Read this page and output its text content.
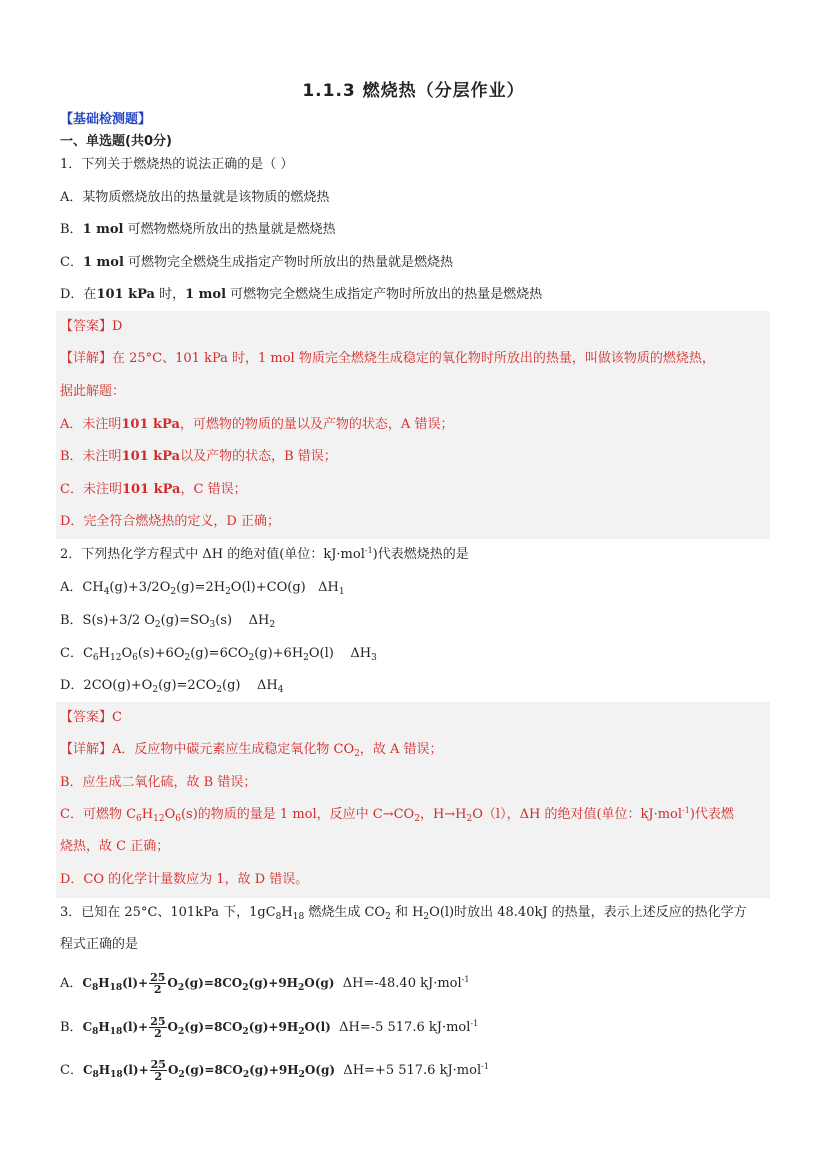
1.1.3 燃烧热（分层作业）
【基础检测题】
一、单选题(共0分)
1．下列关于燃烧热的说法正确的是（ ）
A．某物质燃烧放出的热量就是该物质的燃烧热
B．1 mol 可燃物燃烧所放出的热量就是燃烧热
C．1 mol 可燃物完全燃烧生成指定产物时所放出的热量就是燃烧热
D．在101 kPa 时，1 mol 可燃物完全燃烧生成指定产物时所放出的热量是燃烧热
【答案】D
【详解】在 25°C、101 kPa 时，1 mol 物质完全燃烧生成稳定的氧化物时所放出的热量，叫做该物质的燃烧热，
据此解题：
A．未注明101 kPa，可燃物的物质的量以及产物的状态，A 错误；
B．未注明101 kPa以及产物的状态，B 错误；
C．未注明101 kPa，C 错误；
D．完全符合燃烧热的定义，D 正确；
2．下列热化学方程式中 ΔH 的绝对值(单位：kJ·mol$^{-1}$)代表燃烧热的是
A．$CH_4(g)+3/2O_2(g)=2H_2O(l)+CO(g)$   $\Delta H_1$
B．S(s)+3/2 $O_2(g)=SO_3(s)$    $\Delta H_2$
C．$C_6H_{12}O_6(s)+6O_2(g)=6CO_2(g)+6H_2O(l)$    $\Delta H_3$
D．$2CO(g)+O_2(g)=2CO_2(g)$    $\Delta H_4$
【答案】C
【详解】A．反应物中碳元素应生成稳定氧化物 $CO_2$，故 A 错误；
B．应生成二氧化硫，故 B 错误；
C．可燃物 $C_6H_{12}O_6(s)$的物质的量是 1 mol，反应中 $C\to CO_2$，$H\to H_2O(l)$，ΔH 的绝对值(单位：kJ·mol$^{-1}$)代表燃
烧热，故 C 正确；
D．CO 的化学计量数应为 1，故 D 错误。
3．已知在 25°C、101kPa 下，$1gC_8H_{18}$ 燃烧生成 $CO_2$ 和 $H_2O(l)$时放出 48.40kJ 的热量，表示上述反应的热化学方
程式正确的是
A．$C_8H_{18}(l)+ \frac{25}{2} O_2(g)=8CO_2(g)+9H_2O(g)$ ΔH=-48.40 kJ·mol$^{-1}$
B．$C_8H_{18}(l)+ \frac{25}{2} O_2(g)=8CO_2(g)+9H_2O(l)$ ΔH=-5 517.6 kJ·mol$^{-1}$
C．$C_8H_{18}(l)+ \frac{25}{2} O_2(g)=8CO_2(g)+9H_2O(g)$ ΔH=+5 517.6 kJ·mol$^{-1}$
